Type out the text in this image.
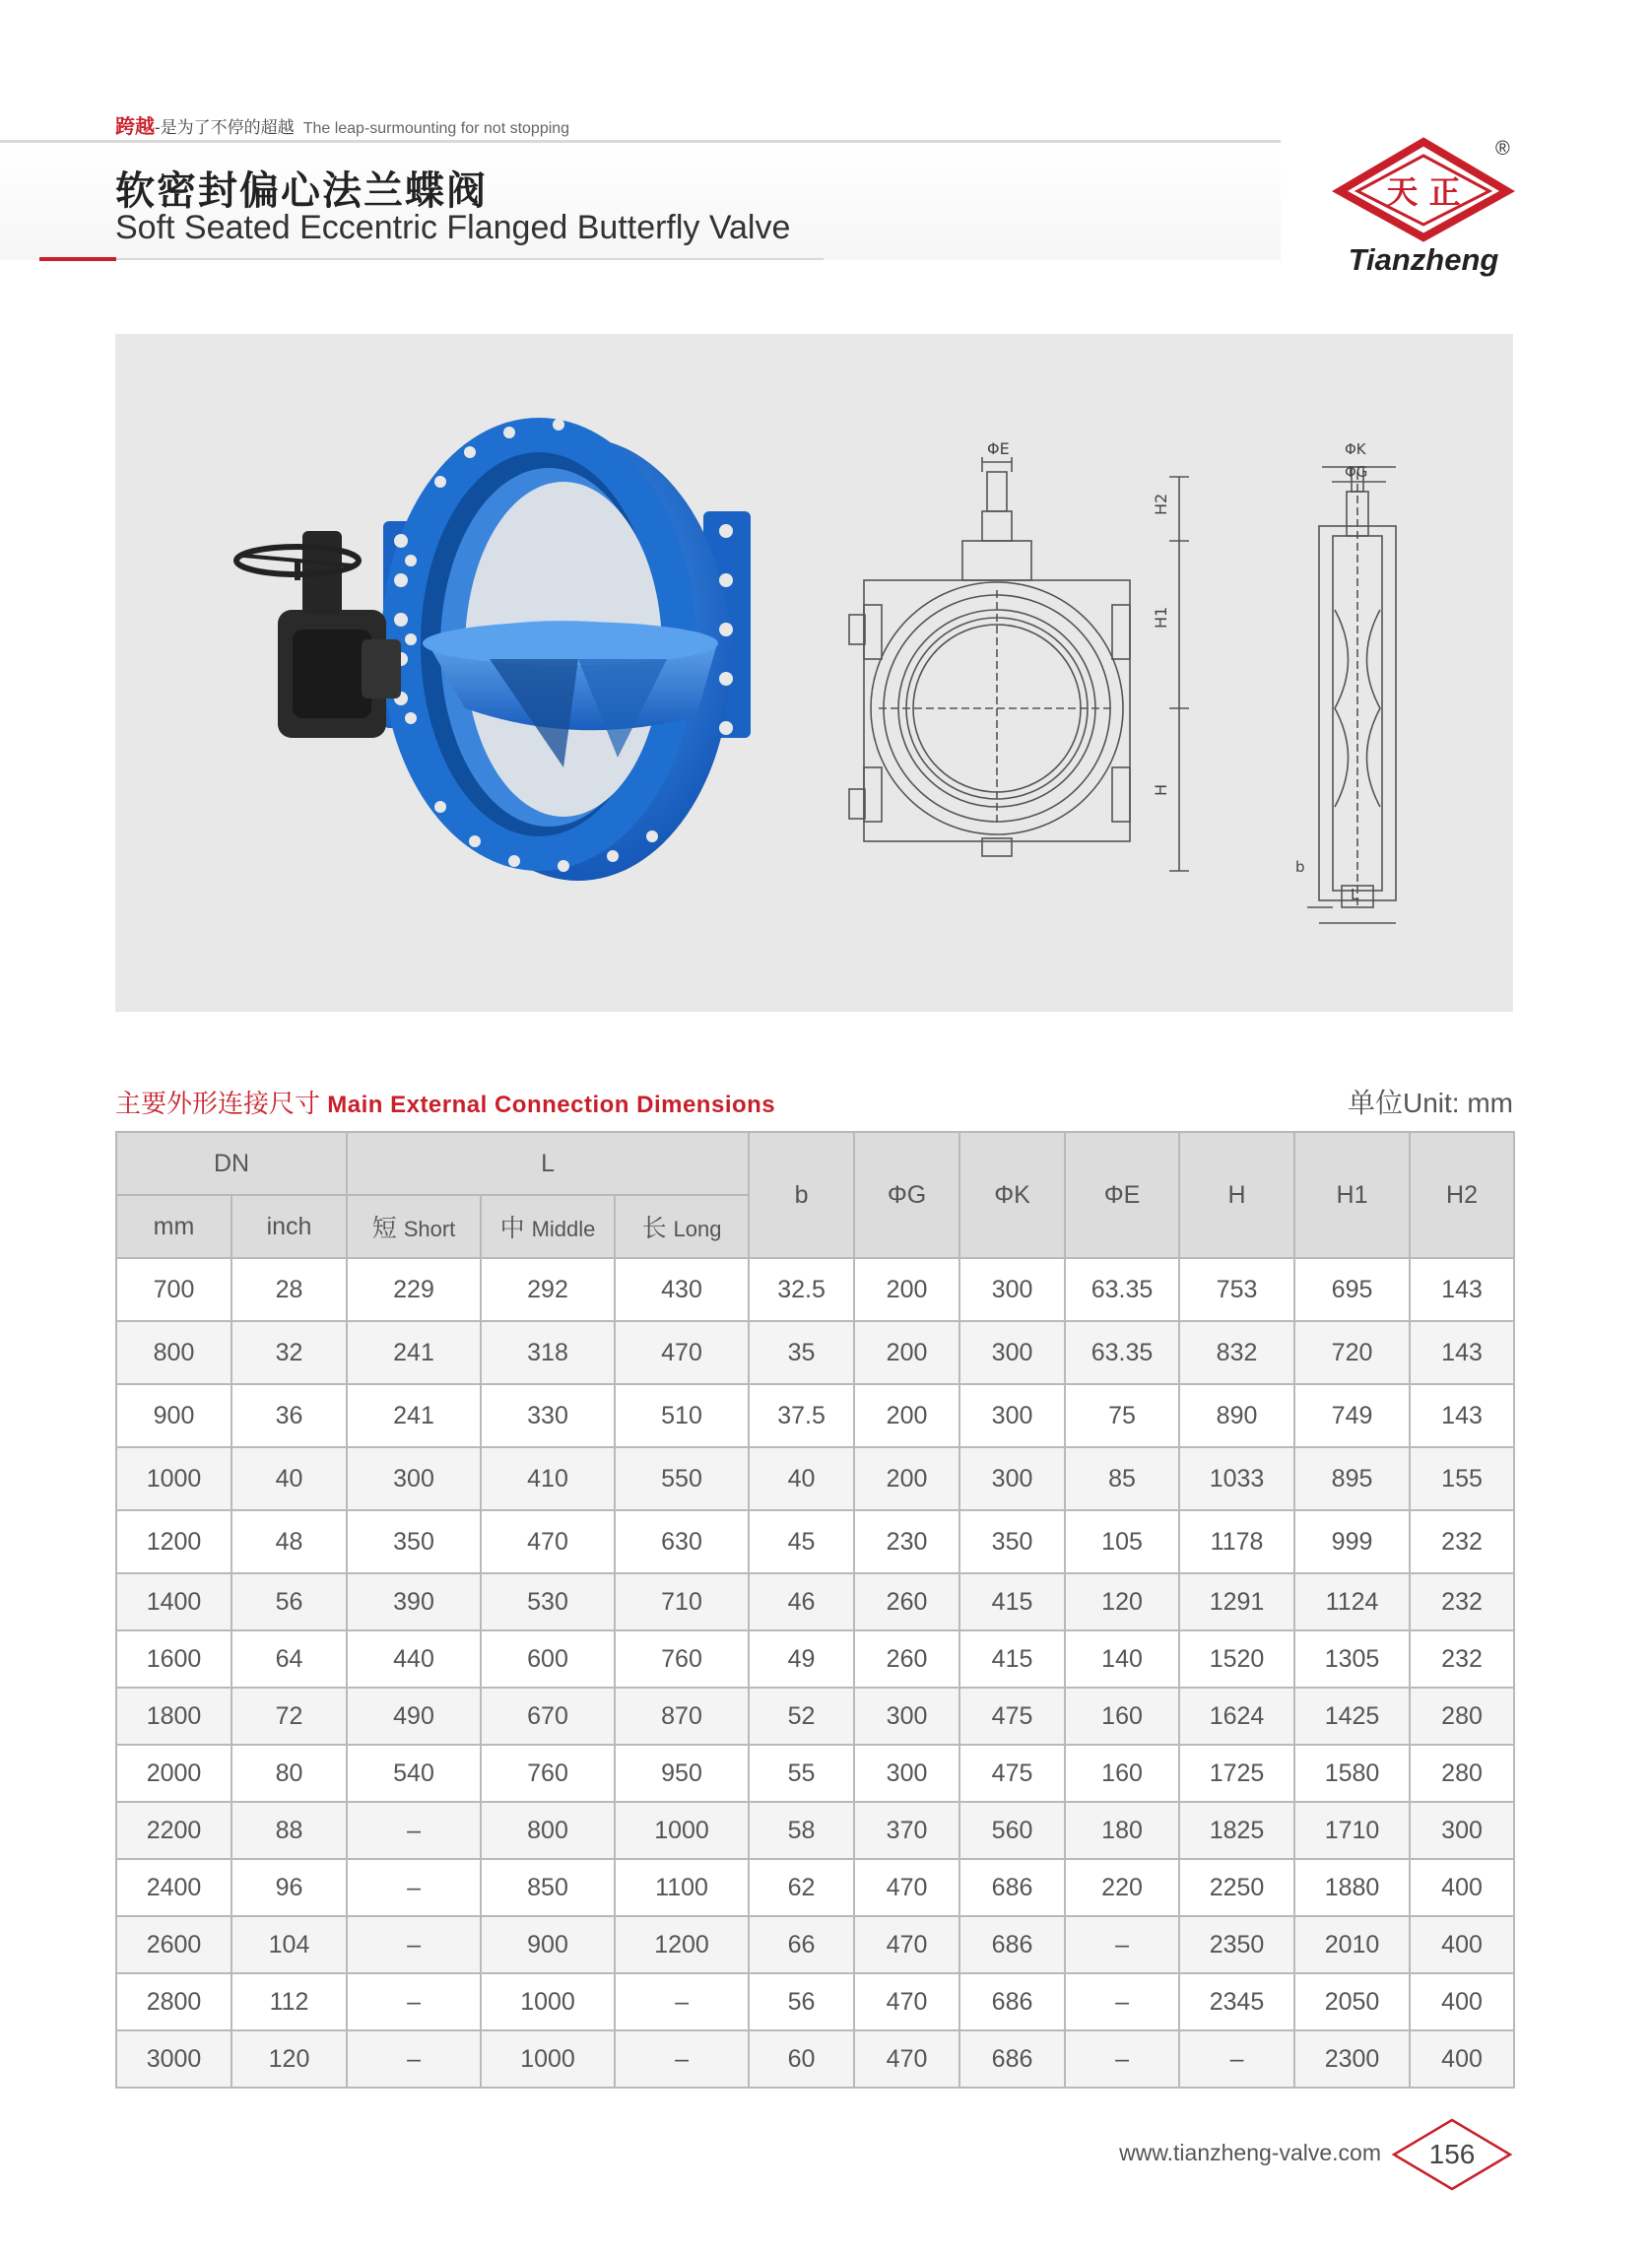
跨越-是为了不停的超越 The leap-surmounting for not stopping
软密封偏心法兰蝶阀
Soft Seated Eccentric Flanged Butterfly Valve
天 正
®
Tianzheng
ΦE
H2
H1
H
ΦK
ΦG
b
L
主要外形连接尺寸 Main External Connection Dimensions	单位Unit: mm
DN		L			b	ΦG	ΦK	ΦE	H	H1	H2
mm	inch	短 Short	中 Middle	长 Long							
700	28	229	292	430	32.5	200	300	63.35	753	695	143
800	32	241	318	470	35	200	300	63.35	832	720	143
900	36	241	330	510	37.5	200	300	75	890	749	143
1000	40	300	410	550	40	200	300	85	1033	895	155
1200	48	350	470	630	45	230	350	105	1178	999	232
1400	56	390	530	710	46	260	415	120	1291	1124	232
1600	64	440	600	760	49	260	415	140	1520	1305	232
1800	72	490	670	870	52	300	475	160	1624	1425	280
2000	80	540	760	950	55	300	475	160	1725	1580	280
2200	88	–	800	1000	58	370	560	180	1825	1710	300
2400	96	–	850	1100	62	470	686	220	2250	1880	400
2600	104	–	900	1200	66	470	686	–	2350	2010	400
2800	112	–	1000	–	56	470	686	–	2345	2050	400
3000	120	–	1000	–	60	470	686	–	–	2300	400
www.tianzheng-valve.com	156
